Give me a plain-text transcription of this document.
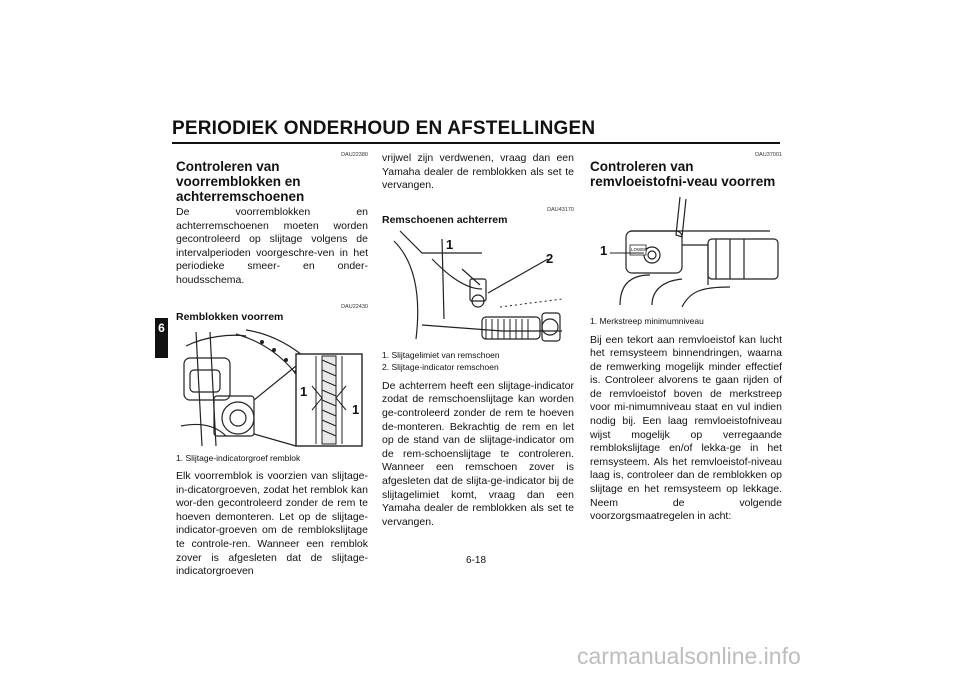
PERIODIEK ONDERHOUD EN AFSTELLINGEN
6
DAU22380
Controleren van voorremblokken en achterremschoenen

De voorremblokken en achterremschoenen moeten worden gecontroleerd op slijtage volgens de intervalperioden voorgeschre-ven in het periodieke smeer- en onder-houdsschema.

DAU22430
Remblokken voorrem
1
1

1. Slijtage-indicatorgroef remblok

Elk voorremblok is voorzien van slijtage-in-dicatorgroeven, zodat het remblok kan wor-den gecontroleerd zonder de rem te hoeven demonteren. Let op de slijtage-indicator-groeven om de remblokslijtage te controle-ren. Wanneer een remblok zover is afgesleten dat de slijtage-indicatorgroeven

vrijwel zijn verdwenen, vraag dan een Yamaha dealer de remblokken als set te vervangen.

DAU43170
Remschoenen achterrem
1
2

1. Slijtagelimiet van remschoen

2. Slijtage-indicator remschoen

De achterrem heeft een slijtage-indicator zodat de remschoenslijtage kan worden ge-controleerd zonder de rem te hoeven de-monteren. Bekrachtig de rem en let op de stand van de slijtage-indicator om de rem-schoenslijtage te controleren. Wanneer een remschoen zover is afgesleten dat de slijta-ge-indicator bij de slijtagelimiet komt, vraag dan een Yamaha dealer de remblokken als set te vervangen.

DAU37001
Controleren van remvloeistofni-veau voorrem
1	LOWER

1. Merkstreep minimumniveau

Bij een tekort aan remvloeistof kan lucht het remsysteem binnendringen, waarna de remwerking mogelijk minder effectief is. Controleer alvorens te gaan rijden of de remvloeistof boven de merkstreep voor mi-nimumniveau staat en vul indien nodig bij. Een laag remvloeistofniveau wijst mogelijk op verregaande remblokslijtage en/of lekka-ge in het remsysteem. Als het remvloeistof-niveau laag is, controleer dan de remblokken op slijtage en het remsysteem op lekkage. Neem de volgende voorzorgsmaatregelen in acht:

6-18
carmanualsonline.info
